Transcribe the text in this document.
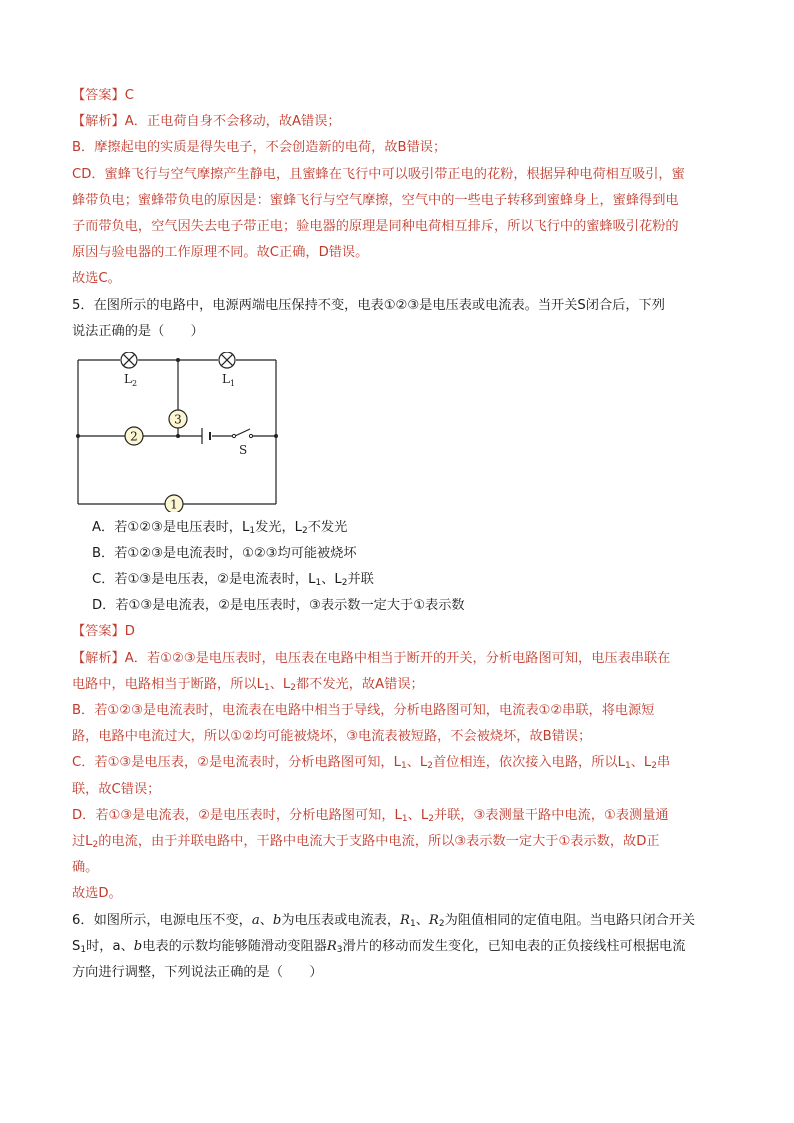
【答案】C

【解析】A．正电荷自身不会移动，故A错误；

B．摩擦起电的实质是得失电子，不会创造新的电荷，故B错误；

CD．蜜蜂飞行与空气摩擦产生静电，且蜜蜂在飞行中可以吸引带正电的花粉，根据异种电荷相互吸引，蜜

蜂带负电；蜜蜂带负电的原因是：蜜蜂飞行与空气摩擦，空气中的一些电子转移到蜜蜂身上，蜜蜂得到电

子而带负电，空气因失去电子带正电；验电器的原理是同种电荷相互排斥，所以飞行中的蜜蜂吸引花粉的

原因与验电器的工作原理不同。故C正确，D错误。

故选C。

5．在图所示的电路中，电源两端电压保持不变，电表①②③是电压表或电流表。当开关S闭合后，下列

说法正确的是（　　）

3
2
1
$L_2$	$L_1$
S

A．若①②③是电压表时，$L_1$发光，$L_2$不发光

B．若①②③是电流表时，①②③均可能被烧坏

C．若①③是电压表，②是电流表时，$L_1$、$L_2$并联

D．若①③是电流表，②是电压表时，③表示数一定大于①表示数

【答案】D

【解析】A．若①②③是电压表时，电压表在电路中相当于断开的开关，分析电路图可知，电压表串联在

电路中，电路相当于断路，所以$L_1$、$L_2$都不发光，故A错误；

B．若①②③是电流表时，电流表在电路中相当于导线，分析电路图可知，电流表①②串联，将电源短

路，电路中电流过大，所以①②均可能被烧坏，③电流表被短路，不会被烧坏，故B错误；

C．若①③是电压表，②是电流表时，分析电路图可知，$L_1$、$L_2$首位相连，依次接入电路，所以$L_1$、$L_2$串

联，故C错误；

D．若①③是电流表，②是电压表时，分析电路图可知，$L_1$、$L_2$并联，③表测量干路中电流，①表测量通

过$L_2$的电流，由于并联电路中，干路中电流大于支路中电流，所以③表示数一定大于①表示数，故D正

确。

故选D。

6．如图所示，电源电压不变，a、b为电压表或电流表，$R_1$、$R_2$为阻值相同的定值电阻。当电路只闭合开关

$S_1$时，a、b电表的示数均能够随滑动变阻器$R_3$滑片的移动而发生变化，已知电表的正负接线柱可根据电流

方向进行调整，下列说法正确的是（　　）
